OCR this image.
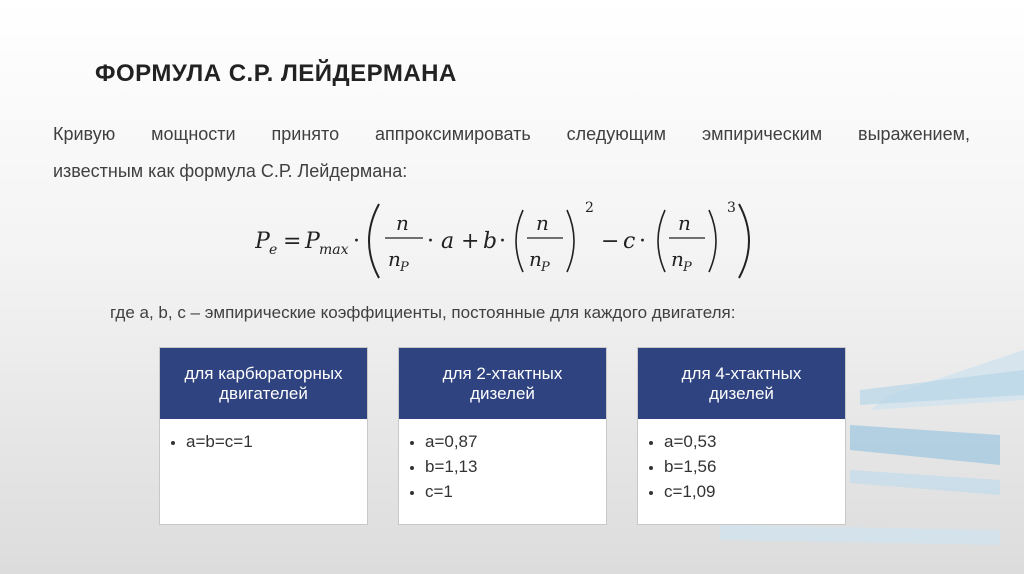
ФОРМУЛА С.Р. ЛЕЙДЕРМАНА
Кривую мощности принято аппроксимировать следующим эмпирическим выражением,
известным как формула С.Р. Лейдермана:
P e = P max ·
n
n P
· a + b ·
n
n P
2
− c ·
n
n P
3
где a, b, c – эмпирические коэффициенты, постоянные для каждого двигателя:
для карбюраторных двигателей
• a=b=c=1
для 2-хтактных дизелей
• a=0,87
• b=1,13
• c=1
для 4-хтактных дизелей
• a=0,53
• b=1,56
• c=1,09
